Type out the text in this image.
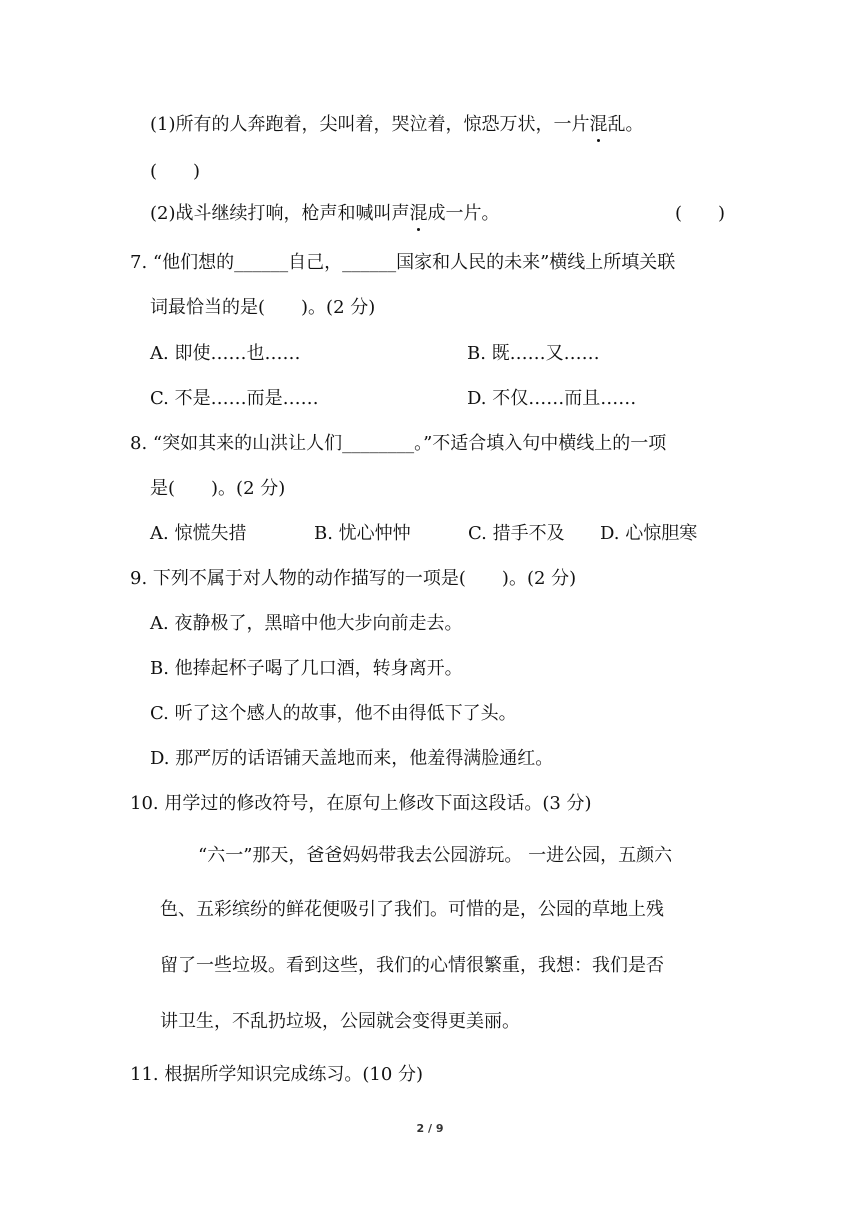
(1)所有的人奔跑着，尖叫着，哭泣着，惊恐万状，一片混乱。
(　　)
(2)战斗继续打响，枪声和喊叫声混成一片。	(　　)
7. “他们想的______自己，______国家和人民的未来”横线上所填关联
词最恰当的是(　　)。(2 分)
A. 即使……也……	B. 既……又……
C. 不是……而是……	D. 不仅……而且……
8. “突如其来的山洪让人们________。”不适合填入句中横线上的一项
是(　　)。(2 分)
A. 惊慌失措	B. 忧心忡忡	C. 措手不及 D. 心惊胆寒
9. 下列不属于对人物的动作描写的一项是(　　)。(2 分)
A. 夜静极了，黑暗中他大步向前走去。
B. 他捧起杯子喝了几口酒，转身离开。
C. 听了这个感人的故事，他不由得低下了头。
D. 那严厉的话语铺天盖地而来，他羞得满脸通红。
10. 用学过的修改符号，在原句上修改下面这段话。(3 分)
“六一”那天，爸爸妈妈带我去公园游玩。 一进公园，五颜六
色、五彩缤纷的鲜花便吸引了我们。可惜的是，公园的草地上残
留了一些垃圾。看到这些，我们的心情很繁重，我想：我们是否
讲卫生，不乱扔垃圾，公园就会变得更美丽。
11. 根据所学知识完成练习。(10 分)
2 / 9
